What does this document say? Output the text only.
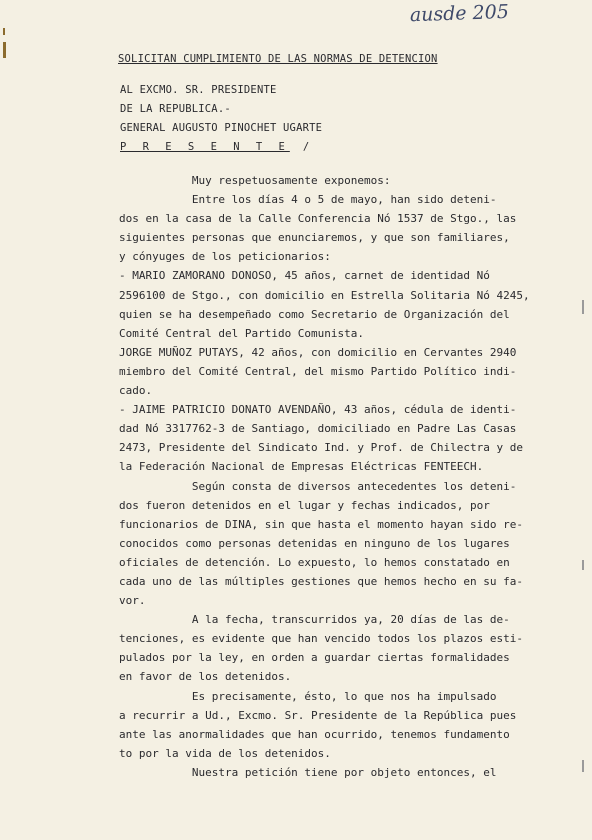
ausde 205
SOLICITAN CUMPLIMIENTO DE LAS NORMAS DE DETENCION
AL EXCMO. SR. PRESIDENTE
DE LA REPUBLICA.-
GENERAL AUGUSTO PINOCHET UGARTE
P R E S E N T E  /
Muy respetuosamente exponemos:
Entre los días 4 o 5 de mayo, han sido deteni-
dos en la casa de la Calle Conferencia Nó 1537 de Stgo., las
siguientes personas que enunciaremos, y que son familiares,
y cónyuges de los peticionarios:
- MARIO ZAMORANO DONOSO, 45 años, carnet de identidad Nó
2596100 de Stgo., con domicilio en Estrella Solitaria Nó 4245,
quien se ha desempeñado como Secretario de Organización del
Comité Central del Partido Comunista.
JORGE MUÑOZ PUTAYS, 42 años, con domicilio en Cervantes 2940
miembro del Comité Central, del mismo Partido Político indi-
cado.
- JAIME PATRICIO DONATO AVENDAÑO, 43 años, cédula de identi-
dad Nó 3317762-3 de Santiago, domiciliado en Padre Las Casas
2473, Presidente del Sindicato Ind. y Prof. de Chilectra y de
la Federación Nacional de Empresas Eléctricas FENTEECH.
Según consta de diversos antecedentes los deteni-
dos fueron detenidos en el lugar y fechas indicados, por
funcionarios de DINA, sin que hasta el momento hayan sido re-
conocidos como personas detenidas en ninguno de los lugares
oficiales de detención. Lo expuesto, lo hemos constatado en
cada uno de las múltiples gestiones que hemos hecho en su fa-
vor.
A la fecha, transcurridos ya, 20 días de las de-
tenciones, es evidente que han vencido todos los plazos esti-
pulados por la ley, en orden a guardar ciertas formalidades
en favor de los detenidos.
Es precisamente, ésto, lo que nos ha impulsado
a recurrir a Ud., Excmo. Sr. Presidente de la República pues
ante las anormalidades que han ocurrido, tenemos fundamento
to por la vida de los detenidos.
Nuestra petición tiene por objeto entonces, el
